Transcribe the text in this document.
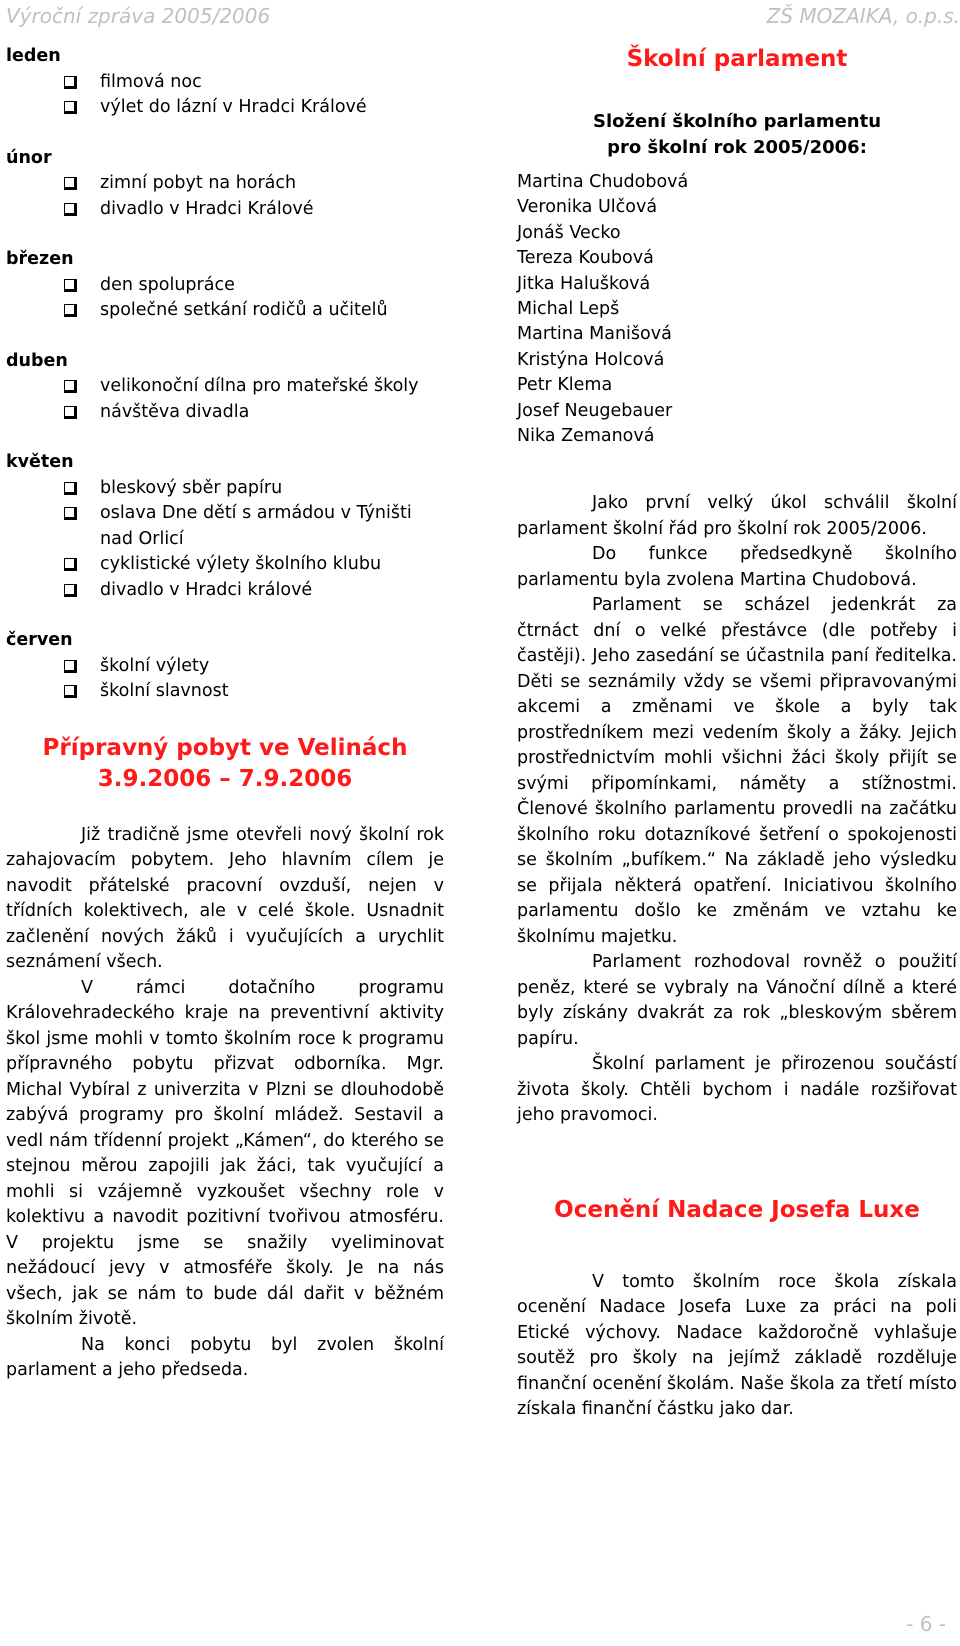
Výroční zpráva 2005/2006	ZŠ MOZAIKA, o.p.s.
leden
filmová noc
výlet do lázní v Hradci Králové
únor
zimní pobyt na horách
divadlo v Hradci Králové
březen
den spolupráce
společné setkání rodičů a učitelů
duben
velikonoční dílna pro mateřské školy
návštěva divadla
květen
bleskový sběr papíru
oslava Dne dětí s armádou v Týništi nad Orlicí
cyklistické výlety školního klubu
divadlo v Hradci králové
červen
školní výlety
školní slavnost
Přípravný pobyt ve Velinách
3.9.2006 – 7.9.2006

Již tradičně jsme otevřeli nový školní rok zahajovacím pobytem. Jeho hlavním cílem je navodit přátelské pracovní ovzduší, nejen v třídních kolektivech, ale v celé škole. Usnadnit začlenění nových žáků i vyučujících a urychlit seznámení všech.

V rámci dotačního programu Královehradeckého kraje na preventivní aktivity škol jsme mohli v tomto školním roce k programu přípravného pobytu přizvat odborníka. Mgr. Michal Vybíral z univerzita v Plzni se dlouhodobě zabývá programy pro školní mládež. Sestavil a vedl nám třídenní projekt „Kámen“, do kterého se stejnou měrou zapojili jak žáci, tak vyučující a mohli si vzájemně vyzkoušet všechny role v kolektivu a navodit pozitivní tvořivou atmosféru. V projektu jsme se snažily vyeliminovat nežádoucí jevy v atmosféře školy. Je na nás všech, jak se nám to bude dál dařit v běžném školním životě.

Na konci pobytu byl zvolen školní parlament a jeho předseda.

Školní parlament
Složení školního parlamentu
pro školní rok 2005/2006:
Martina Chudobová
Veronika Ulčová
Jonáš Vecko
Tereza Koubová
Jitka Halušková
Michal Lepš
Martina Manišová
Kristýna Holcová
Petr Klema
Josef Neugebauer
Nika Zemanová

Jako první velký úkol schválil školní parlament školní řád pro školní rok 2005/2006.

Do funkce předsedkyně školního parlamentu byla zvolena Martina Chudobová.

Parlament se scházel jedenkrát za čtrnáct dní o velké přestávce (dle potřeby i častěji). Jeho zasedání se účastnila paní ředitelka. Děti se seznámily vždy se všemi připravovanými akcemi a změnami ve škole a byly tak prostředníkem mezi vedením školy a žáky. Jejich prostřednictvím mohli všichni žáci školy přijít se svými připomínkami, náměty a stížnostmi. Členové školního parlamentu provedli na začátku školního roku dotazníkové šetření o spokojenosti se školním „bufíkem.“ Na základě jeho výsledku se přijala některá opatření. Iniciativou školního parlamentu došlo ke změnám ve vztahu ke školnímu majetku.

Parlament rozhodoval rovněž o použití peněz, které se vybraly na Vánoční dílně a které byly získány dvakrát za rok „bleskovým sběrem papíru.

Školní parlament je přirozenou součástí života školy. Chtěli bychom i nadále rozšiřovat jeho pravomoci.

Ocenění Nadace Josefa Luxe

V tomto školním roce škola získala ocenění Nadace Josefa Luxe za práci na poli Etické výchovy. Nadace každoročně vyhlašuje soutěž pro školy na jejímž základě rozděluje finanční ocenění školám. Naše škola za třetí místo získala finanční částku jako dar.

- 6 -
